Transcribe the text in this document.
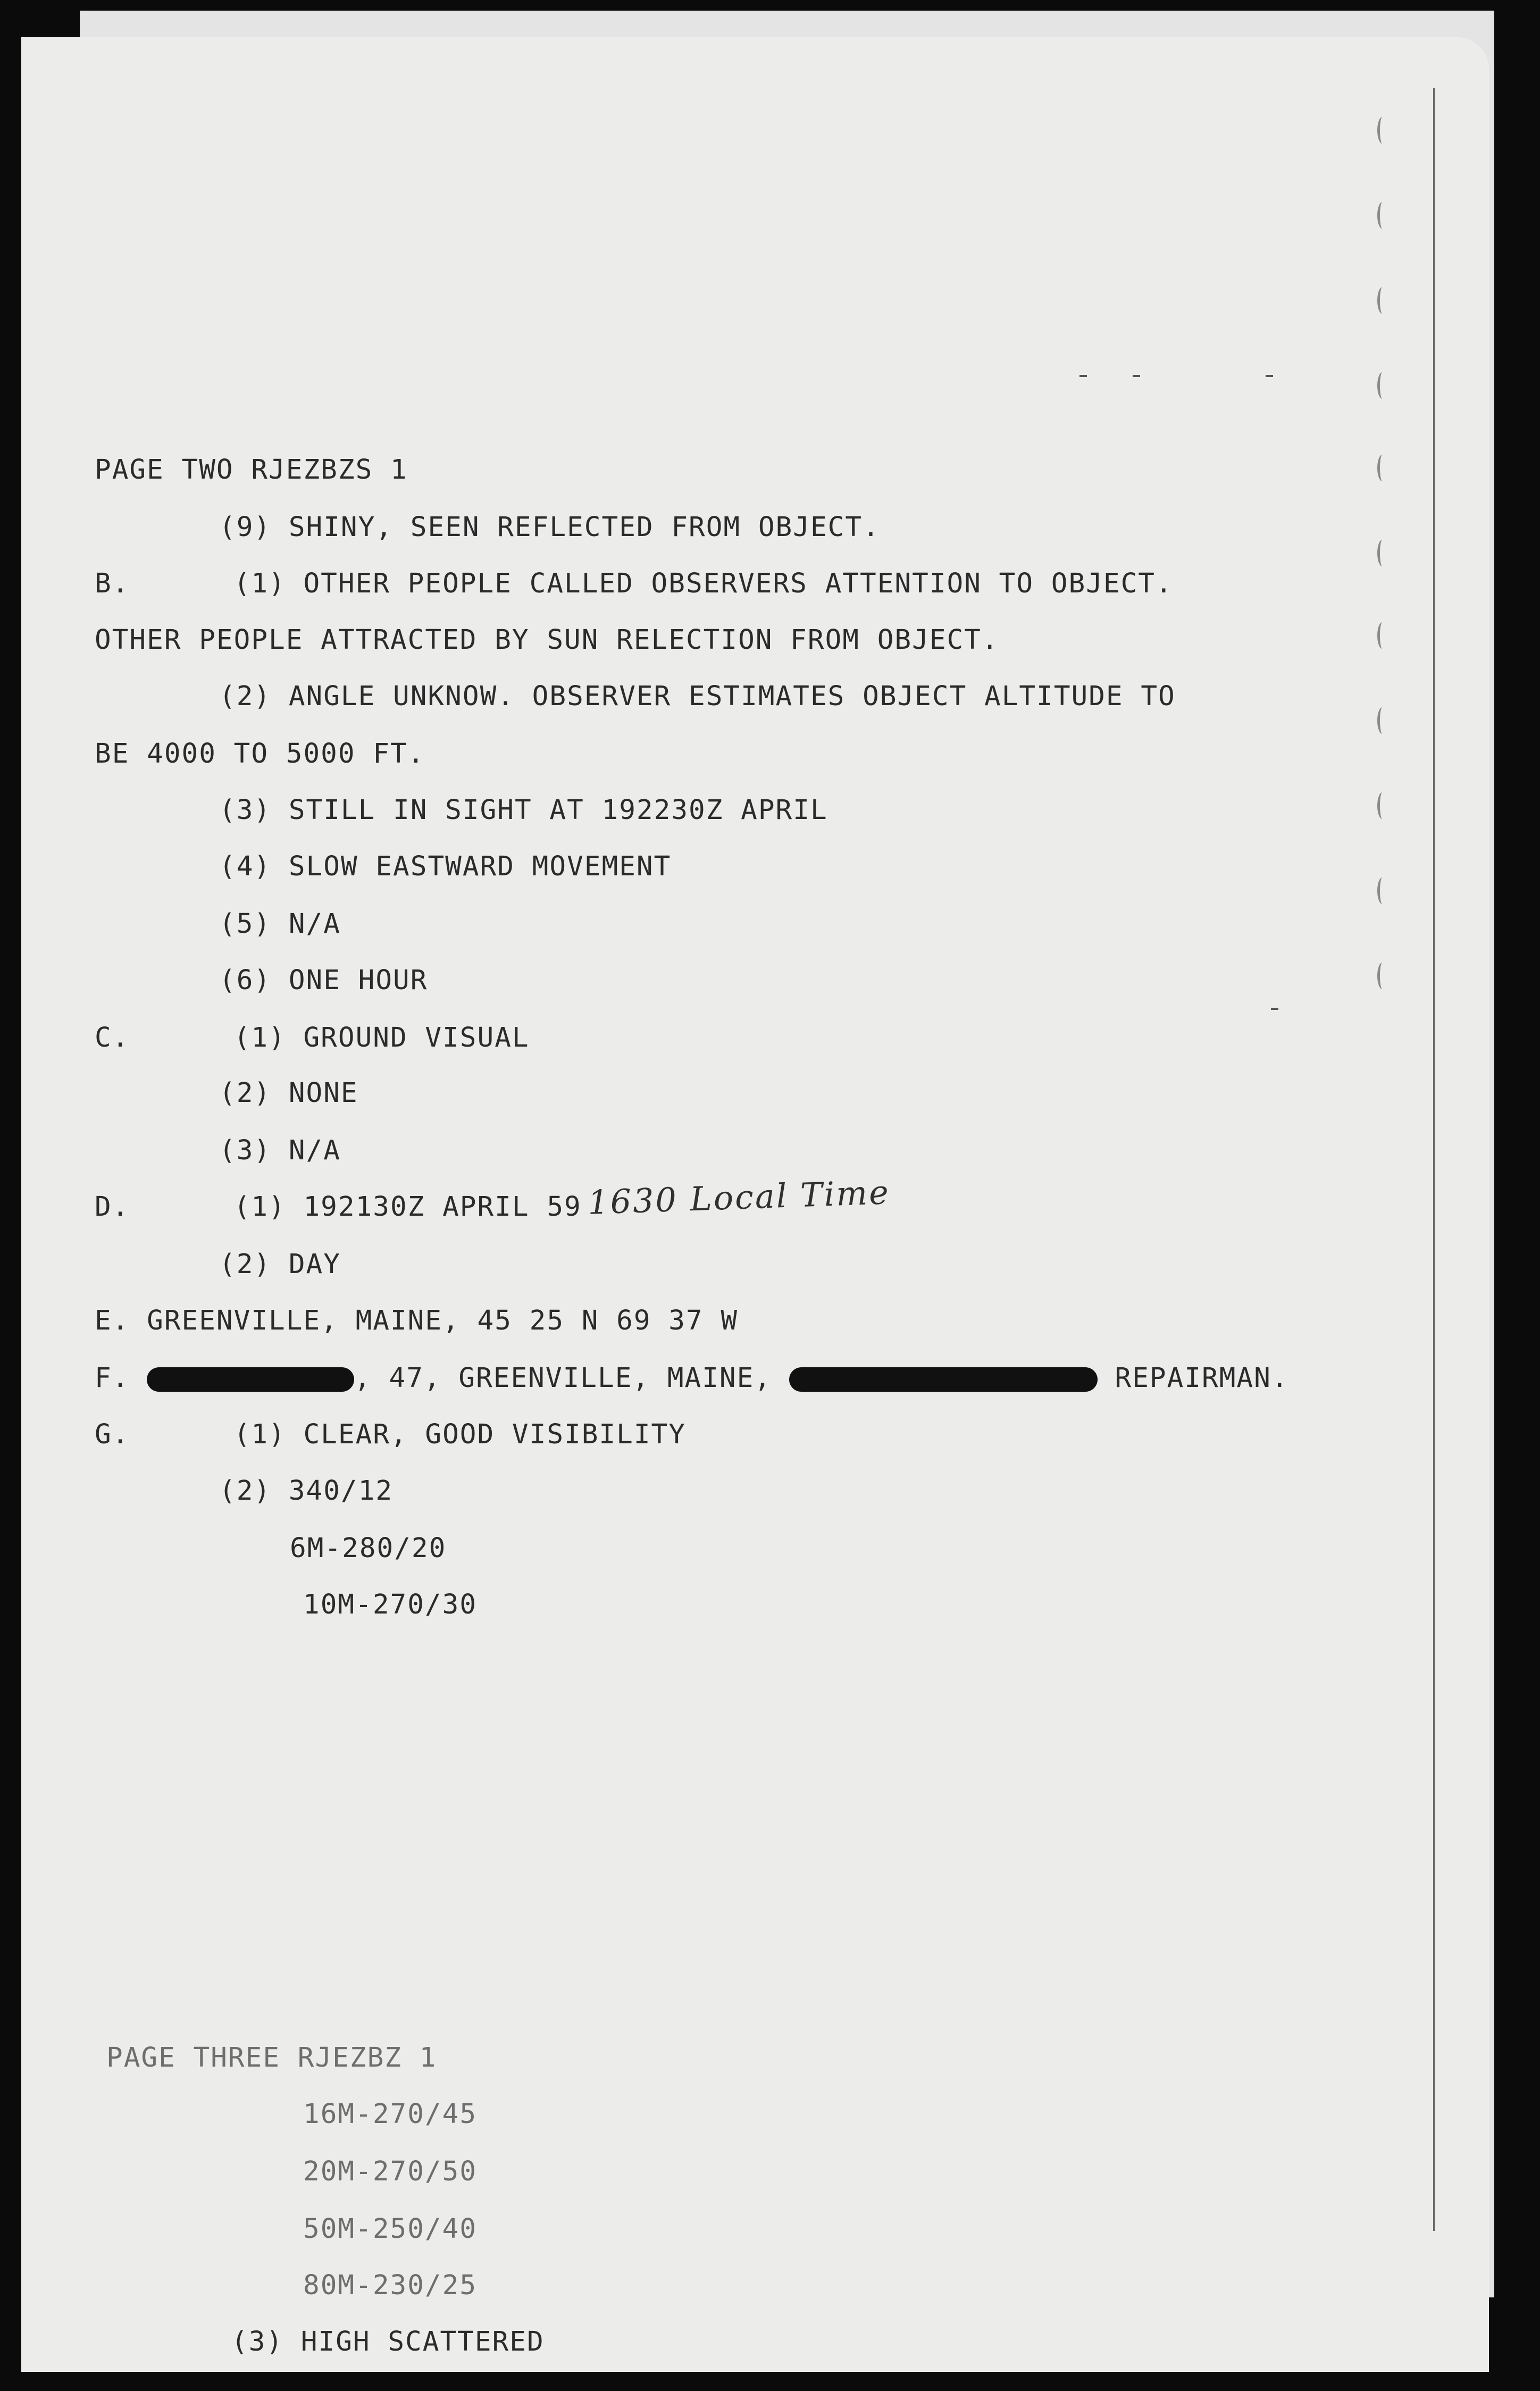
PAGE TWO RJEZBZS 1
(9) SHINY, SEEN REFLECTED FROM OBJECT.
B.      (1) OTHER PEOPLE CALLED OBSERVERS ATTENTION TO OBJECT.
OTHER PEOPLE ATTRACTED BY SUN RELECTION FROM OBJECT.
(2) ANGLE UNKNOW. OBSERVER ESTIMATES OBJECT ALTITUDE TO
BE 4000 TO 5000 FT.
(3) STILL IN SIGHT AT 192230Z APRIL
(4) SLOW EASTWARD MOVEMENT
(5) N/A
(6) ONE HOUR
C.      (1) GROUND VISUAL
(2) NONE
(3) N/A
D.      (1) 192130Z APRIL 59 1630 Local Time
(2) DAY
E. GREENVILLE, MAINE, 45 25 N 69 37 W
F.	, 47, GREENVILLE, MAINE,	REPAIRMAN.
G.      (1) CLEAR, GOOD VISIBILITY
(2) 340/12
6M-280/20
10M-270/30
PAGE THREE RJEZBZ 1
16M-270/45
20M-270/50
50M-250/40
80M-230/25
(3) HIGH SCATTERED
